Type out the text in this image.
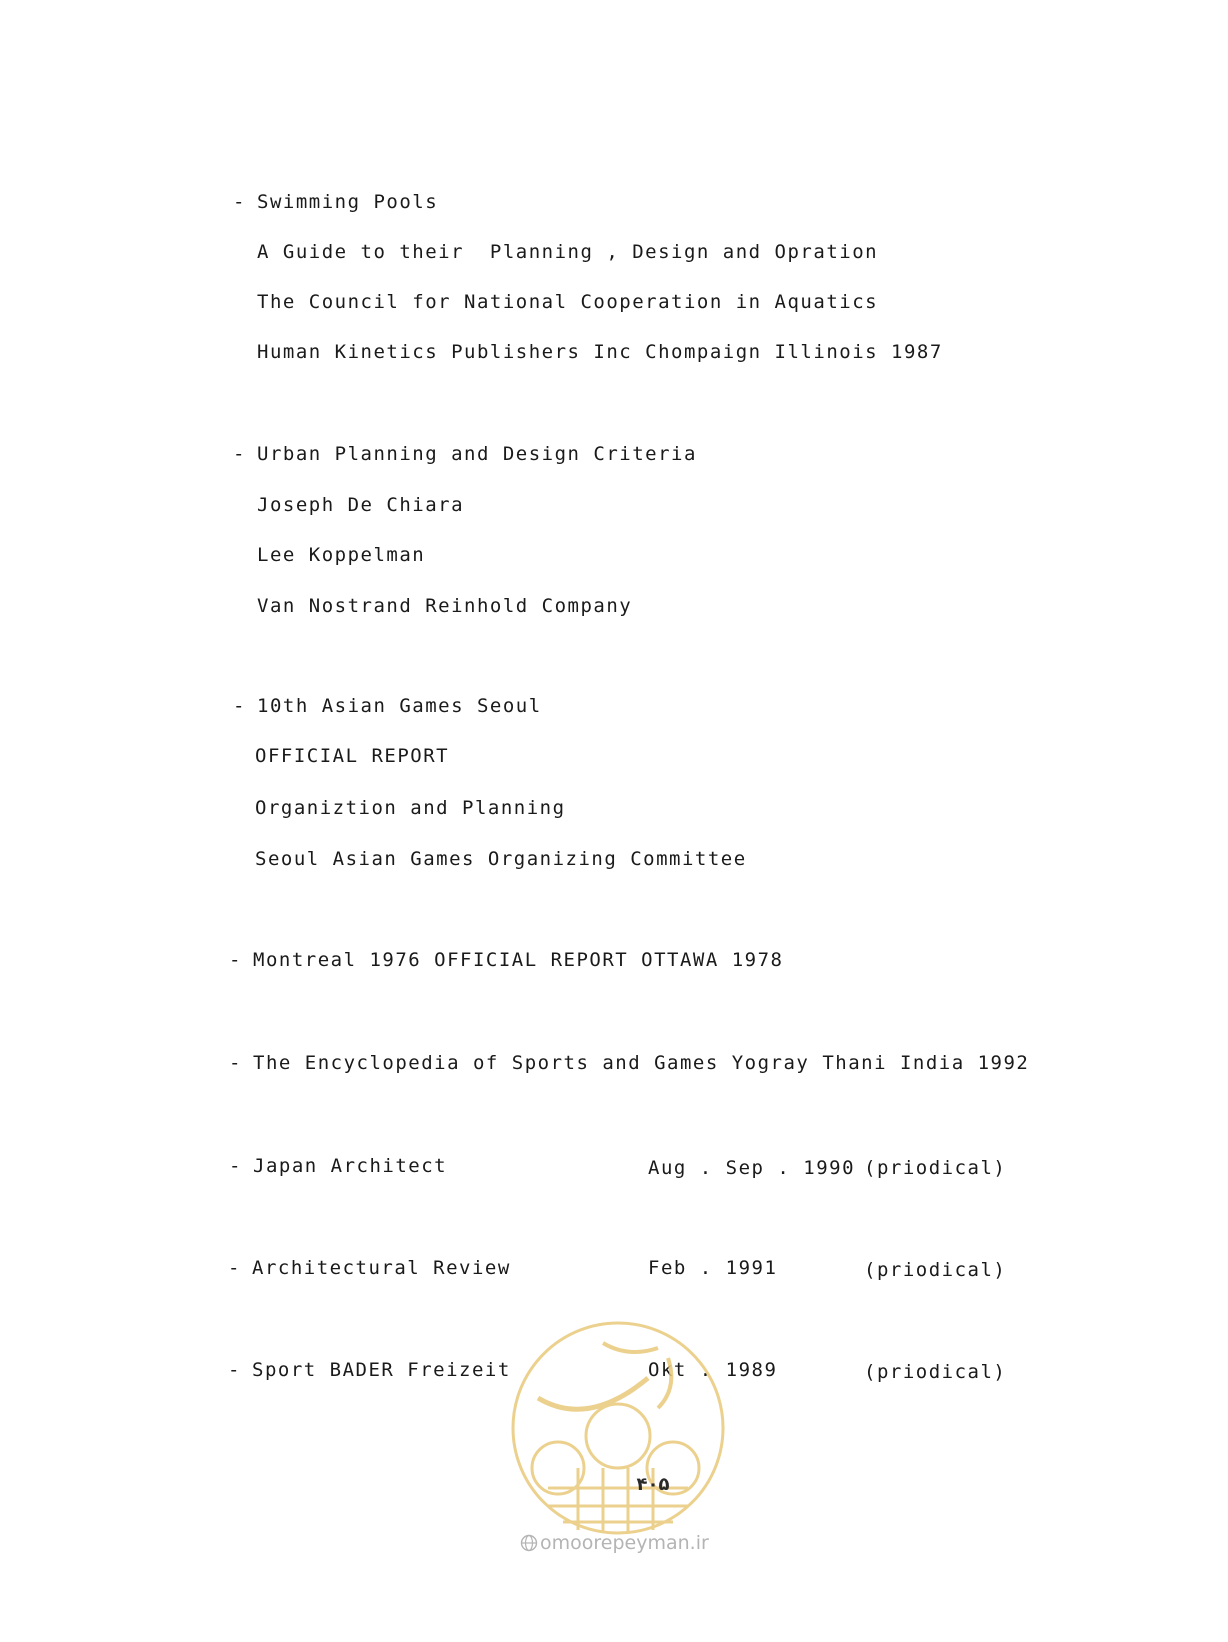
- Swimming Pools
A Guide to their  Planning , Design and Opration
The Council for National Cooperation in Aquatics
Human Kinetics Publishers Inc Chompaign Illinois 1987
- Urban Planning and Design Criteria
Joseph De Chiara
Lee Koppelman
Van Nostrand Reinhold Company
- 10th Asian Games Seoul
OFFICIAL REPORT
Organiztion and Planning
Seoul Asian Games Organizing Committee
- Montreal 1976 OFFICIAL REPORT OTTAWA 1978
- The Encyclopedia of Sports and Games Yogray Thani India 1992
- Japan Architect	Aug . Sep . 1990 (priodical)
- Architectural Review	Feb . 1991	(priodical)
- Sport BADER Freizeit	Okt . 1989	(priodical)
۴۰۵
omoorepeyman.ir
